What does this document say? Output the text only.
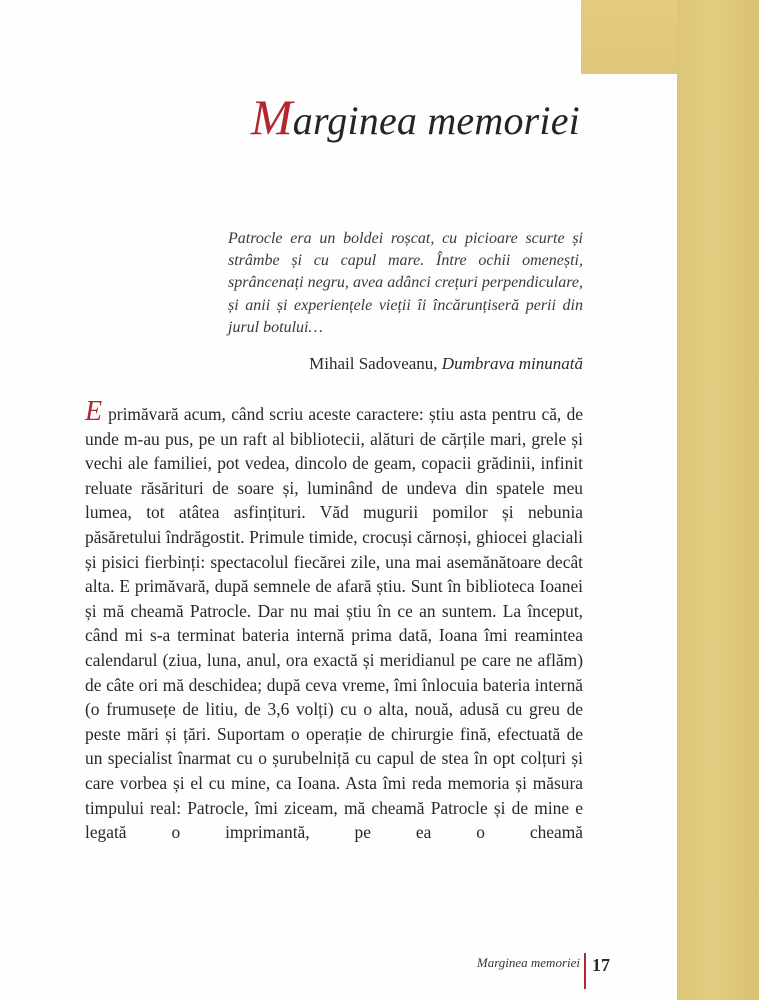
Marginea memoriei

Patrocle era un boldei roșcat, cu picioare scurte și strâmbe și cu capul mare. Între ochii omenești, sprâncenați negru, avea adânci crețuri perpendiculare, și anii și experiențele vieții îi încărunțiseră perii din jurul botului…

Mihail Sadoveanu, Dumbrava minunată

Eprimăvară acum, când scriu aceste caractere: știu asta pentru că, de unde m-au pus, pe un raft al bibliotecii, alături de cărțile mari, grele și vechi ale familiei, pot vedea, dincolo de geam, copacii grădinii, infinit reluate răsărituri de soare și, luminând de undeva din spatele meu lumea, tot atâtea asfințituri. Văd mugurii pomilor și nebunia păsăretului îndrăgostit. Primule timide, crocuși cărnoși, ghiocei glaciali și pisici fierbinți: spectacolul fiecărei zile, una mai asemănătoare decât alta. E primăvară, după semnele de afară știu. Sunt în biblioteca Ioanei și mă cheamă Patrocle. Dar nu mai știu în ce an suntem. La început, când mi s-a terminat bateria internă prima dată, Ioana îmi reamintea calendarul (ziua, luna, anul, ora exactă și meridianul pe care ne aflăm) de câte ori mă deschidea; după ceva vreme, îmi înlocuia bateria internă (o frumusețe de litiu, de 3,6 volți) cu o alta, nouă, adusă cu greu de peste mări și țări. Suportam o operație de chirurgie fină, efectuată de un specialist înarmat cu o șurubelniță cu capul de stea în opt colțuri și care vorbea și el cu mine, ca Ioana. Asta îmi reda memoria și măsura timpului real: Patrocle, îmi ziceam, mă cheamă Patrocle și de mine e legată o imprimantă, pe ea o cheamă

Marginea memoriei 17
